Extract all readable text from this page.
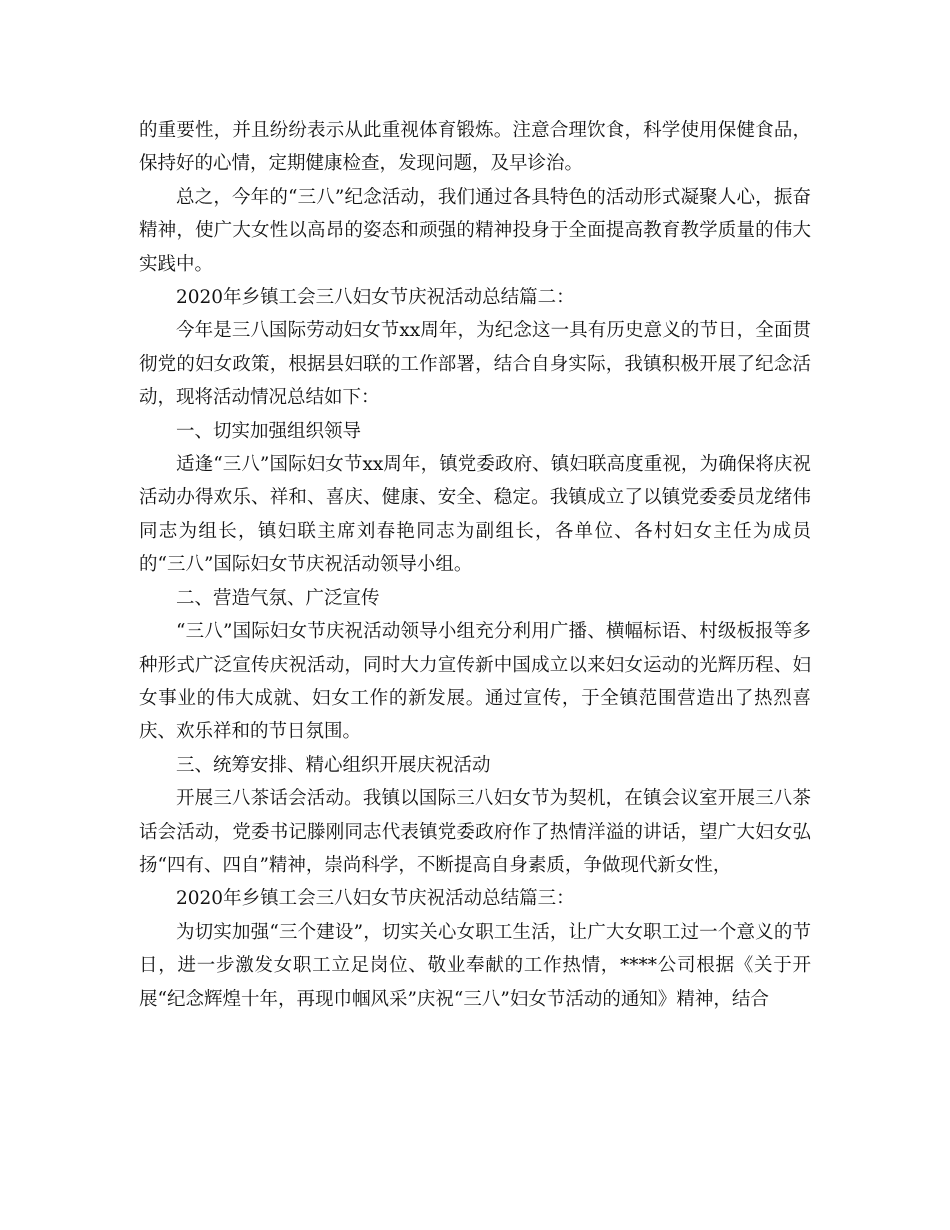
的重要性，并且纷纷表示从此重视体育锻炼。注意合理饮食，科学使用保健食品，保持好的心情，定期健康检查，发现问题，及早诊治。

总之，今年的“三八”纪念活动，我们通过各具特色的活动形式凝聚人心，振奋精神，使广大女性以高昂的姿态和顽强的精神投身于全面提高教育教学质量的伟大实践中。

2020年乡镇工会三八妇女节庆祝活动总结篇二：

今年是三八国际劳动妇女节xx周年，为纪念这一具有历史意义的节日，全面贯彻党的妇女政策，根据县妇联的工作部署，结合自身实际，我镇积极开展了纪念活动，现将活动情况总结如下：

一、切实加强组织领导

适逢“三八”国际妇女节xx周年，镇党委政府、镇妇联高度重视，为确保将庆祝活动办得欢乐、祥和、喜庆、健康、安全、稳定。我镇成立了以镇党委委员龙绪伟同志为组长，镇妇联主席刘春艳同志为副组长，各单位、各村妇女主任为成员的“三八”国际妇女节庆祝活动领导小组。

二、营造气氛、广泛宣传

“三八”国际妇女节庆祝活动领导小组充分利用广播、横幅标语、村级板报等多种形式广泛宣传庆祝活动，同时大力宣传新中国成立以来妇女运动的光辉历程、妇女事业的伟大成就、妇女工作的新发展。通过宣传，于全镇范围营造出了热烈喜庆、欢乐祥和的节日氛围。

三、统筹安排、精心组织开展庆祝活动

开展三八茶话会活动。我镇以国际三八妇女节为契机，在镇会议室开展三八茶话会活动，党委书记滕刚同志代表镇党委政府作了热情洋溢的讲话，望广大妇女弘扬“四有、四自”精神，崇尚科学，不断提高自身素质，争做现代新女性，

2020年乡镇工会三八妇女节庆祝活动总结篇三：

为切实加强“三个建设”，切实关心女职工生活，让广大女职工过一个意义的节日，进一步激发女职工立足岗位、敬业奉献的工作热情，****公司根据《关于开展“纪念辉煌十年，再现巾帼风采”庆祝“三八”妇女节活动的通知》精神，结合
